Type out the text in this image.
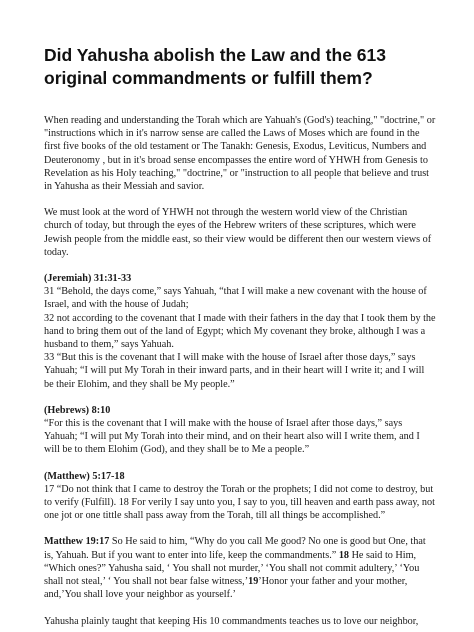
Did Yahusha abolish the Law and the 613 original commandments or fulfill them?

When reading and understanding the Torah which are Yahuah's (God's) teaching," "doctrine," or "instructions which in it's narrow sense are called the Laws of Moses which are found in the first five books of the old testament or The Tanakh: Genesis, Exodus, Leviticus, Numbers and Deuteronomy , but in it's broad sense encompasses the entire word of YHWH from Genesis to Revelation as his Holy teaching," "doctrine," or "instruction to all people that believe and trust in Yahusha as their Messiah and savior.

We must look at the word of YHWH not through the western world view of the Christian church of today, but through the eyes of the Hebrew writers of these scriptures, which were Jewish people from the middle east, so their view would be different then our western views of today.

(Jeremiah) 31:31-33
31 “Behold, the days come,” says Yahuah, “that I will make a new covenant with the house of Israel, and with the house of Judah;
32 not according to the covenant that I made with their fathers in the day that I took them by the hand to bring them out of the land of Egypt; which My covenant they broke, although I was a husband to them,” says Yahuah.
33 “But this is the covenant that I will make with the house of Israel after those days,” says Yahuah; “I will put My Torah in their inward parts, and in their heart will I write it; and I will be their Elohim, and they shall be My people.”
(Hebrews) 8:10
“For this is the covenant that I will make with the house of Israel after those days,” says Yahuah; “I will put My Torah into their mind, and on their heart also will I write them, and I will be to them Elohim (God), and they shall be to Me a people.”
(Matthew) 5:17-18
17 “Do not think that I came to destroy the Torah or the prophets; I did not come to destroy, but to verify (Fulfill). 18 For verily I say unto you, I say to you, till heaven and earth pass away, not one jot or one tittle shall pass away from the Torah, till all things be accomplished.”
Matthew 19:17 So He said to him, “Why do you call Me good? No one is good but One, that is, Yahuah. But if you want to enter into life, keep the commandments.” 18 He said to Him, “Which ones?” Yahusha said, ‘ You shall not murder,’ ‘You shall not commit adultery,’ ‘You shall not steal,’ ‘ You shall not bear false witness,’19’Honor your father and your mother, and,’You shall love your neighbor as yourself.’

Yahusha plainly taught that keeping His 10 commandments teaches us to love our neighbor,
